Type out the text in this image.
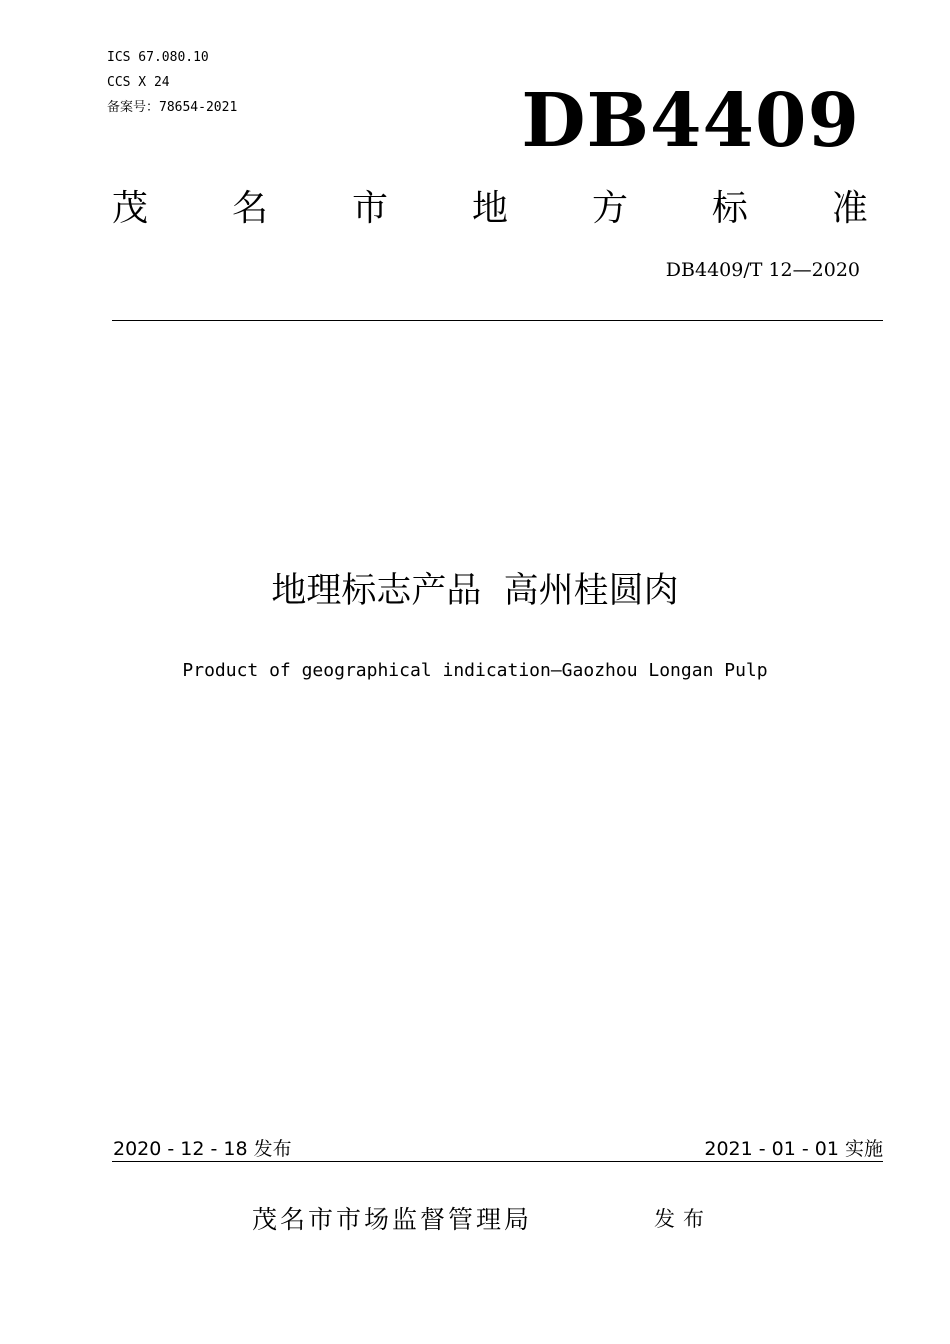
ICS 67.080.10
CCS X 24
备案号：78654-2021	DB4409
茂 名 市 地 方 标 准
DB4409/T 12—2020
地理标志产品  高州桂圆肉
Product of geographical indication—Gaozhou Longan Pulp
2020 - 12 - 18 发布	2021 - 01 - 01 实施
茂名市市场监督管理局	发布
